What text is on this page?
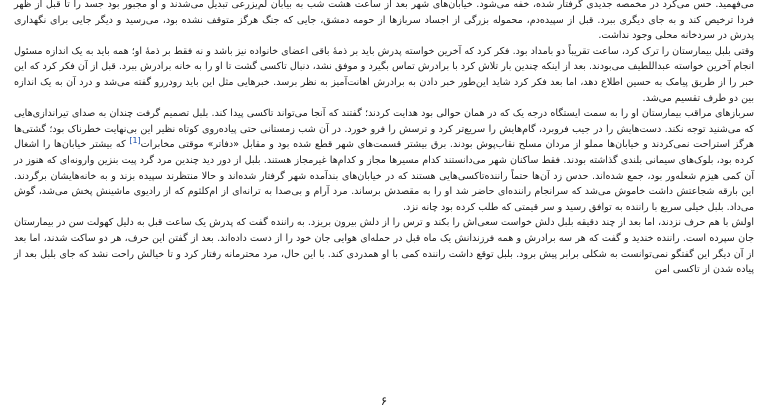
می‌فهمید. حس می‌کرد در مخمصه جدیدی گرفتار شده، خفه می‌شود. خیابان‌های شهر بعد از ساعت هشت شب به بیابان لم‌یزرعی تبدیل می‌شدند و او مجبور بود جسد را تا قبل از ظهر فردا ترخیص کند و به جای دیگری ببرد. قبل از سپیده‌دم، محموله بزرگی از اجساد سربازها از حومه دمشق، جایی که جنگ هرگز متوقف نشده بود، می‌رسید و دیگر جایی برای نگهداری پدرش در سردخانه محلی وجود نداشت.

وقتی بلبل بیمارستان را ترک کرد، ساعت تقریباً دو بامداد بود. فکر کرد که آخرین خواسته پدرش باید بر ذمهٔ باقی اعضای خانواده نیز باشد و نه فقط بر ذمهٔ او؛ همه باید به یک اندازه مسئول انجام آخرین خواسته عبداللطیف می‌بودند. بعد از اینکه چندین بار تلاش کرد با برادرش تماس بگیرد و موفق نشد، دنبال تاکسی گشت تا او را به خانه برادرش ببرد. قبل از آن فکر کرد که این خبر را از طریق پیامک به حسین اطلاع دهد، اما بعد فکر کرد شاید این‌طور خبر دادن به برادرش اهانت‌آمیز به نظر برسد. خبرهایی مثل این باید رودررو گفته می‌شد و درد آن به یک اندازه بین دو طرف تقسیم می‌شد.

سربازهای مراقب بیمارستان او را به سمت ایستگاه درجه یک که در همان حوالی بود هدایت کردند؛ گفتند که آنجا می‌تواند تاکسی پیدا کند. بلبل تصمیم گرفت چندان به صدای تیراندازی‌هایی که می‌شنید توجه نکند. دست‌هایش را در جیب فروبرد، گام‌هایش را سریع‌تر کرد و ترسش را فرو خورد. در آن شب زمستانی حتی پیاده‌روی کوتاه نظیر این بی‌نهایت خطرناک بود؛ گشتی‌ها هرگز استراحت نمی‌کردند و خیابان‌ها مملو از مردان مسلح نقاب‌پوش بودند. برق بیشتر قسمت‌های شهر قطع شده بود و مقابل «دفاتر» موقتی مخابرات[1] که بیشتر خیابان‌ها را اشغال کرده بود، بلوک‌های سیمانی بلندی گذاشته بودند. فقط ساکنان شهر می‌دانستند کدام مسیرها مجاز و کدام‌ها غیرمجاز هستند. بلبل از دور دید چندین مرد گرد پیت بنزین وارونه‌ای که هنوز در آن کمی هیزم شعله‌ور بود، جمع شده‌اند. حدس زد آن‌ها حتماً راننده‌تاکسی‌هایی هستند که در خیابان‌های بندآمده شهر گرفتار شده‌اند و حالا منتظرند سپیده بزند و به خانه‌هایشان برگردند. این بارقه شجاعتش داشت خاموش می‌شد که سرانجام راننده‌ای حاضر شد او را به مقصدش برساند. مرد آرام و بی‌صدا به ترانه‌ای از ام‌کلثوم که از رادیوی ماشینش پخش می‌شد، گوش می‌داد. بلبل خیلی سریع با راننده به توافق رسید و سر قیمتی که طلب کرده بود چانه نزد.

اولش با هم حرف نزدند، اما بعد از چند دقیقه بلبل دلش خواست سعی‌اش را بکند و ترس را از دلش بیرون بریزد. به راننده گفت که پدرش یک ساعت قبل به دلیل کهولت سن در بیمارستان جان سپرده است. راننده خندید و گفت که هر سه برادرش و همه فرزندانش یک ماه قبل در حمله‌ای هوایی جان خود را از دست داده‌اند. بعد از گفتن این حرف، هر دو ساکت شدند، اما بعد از آن دیگر این گفتگو نمی‌توانست به شکلی برابر پیش برود. بلبل توقع داشت راننده کمی با او همدردی کند. با این حال، مرد محترمانه رفتار کرد و تا خیالش راحت نشد که جای بلبل بعد از پیاده شدن از تاکسی امن

۶
